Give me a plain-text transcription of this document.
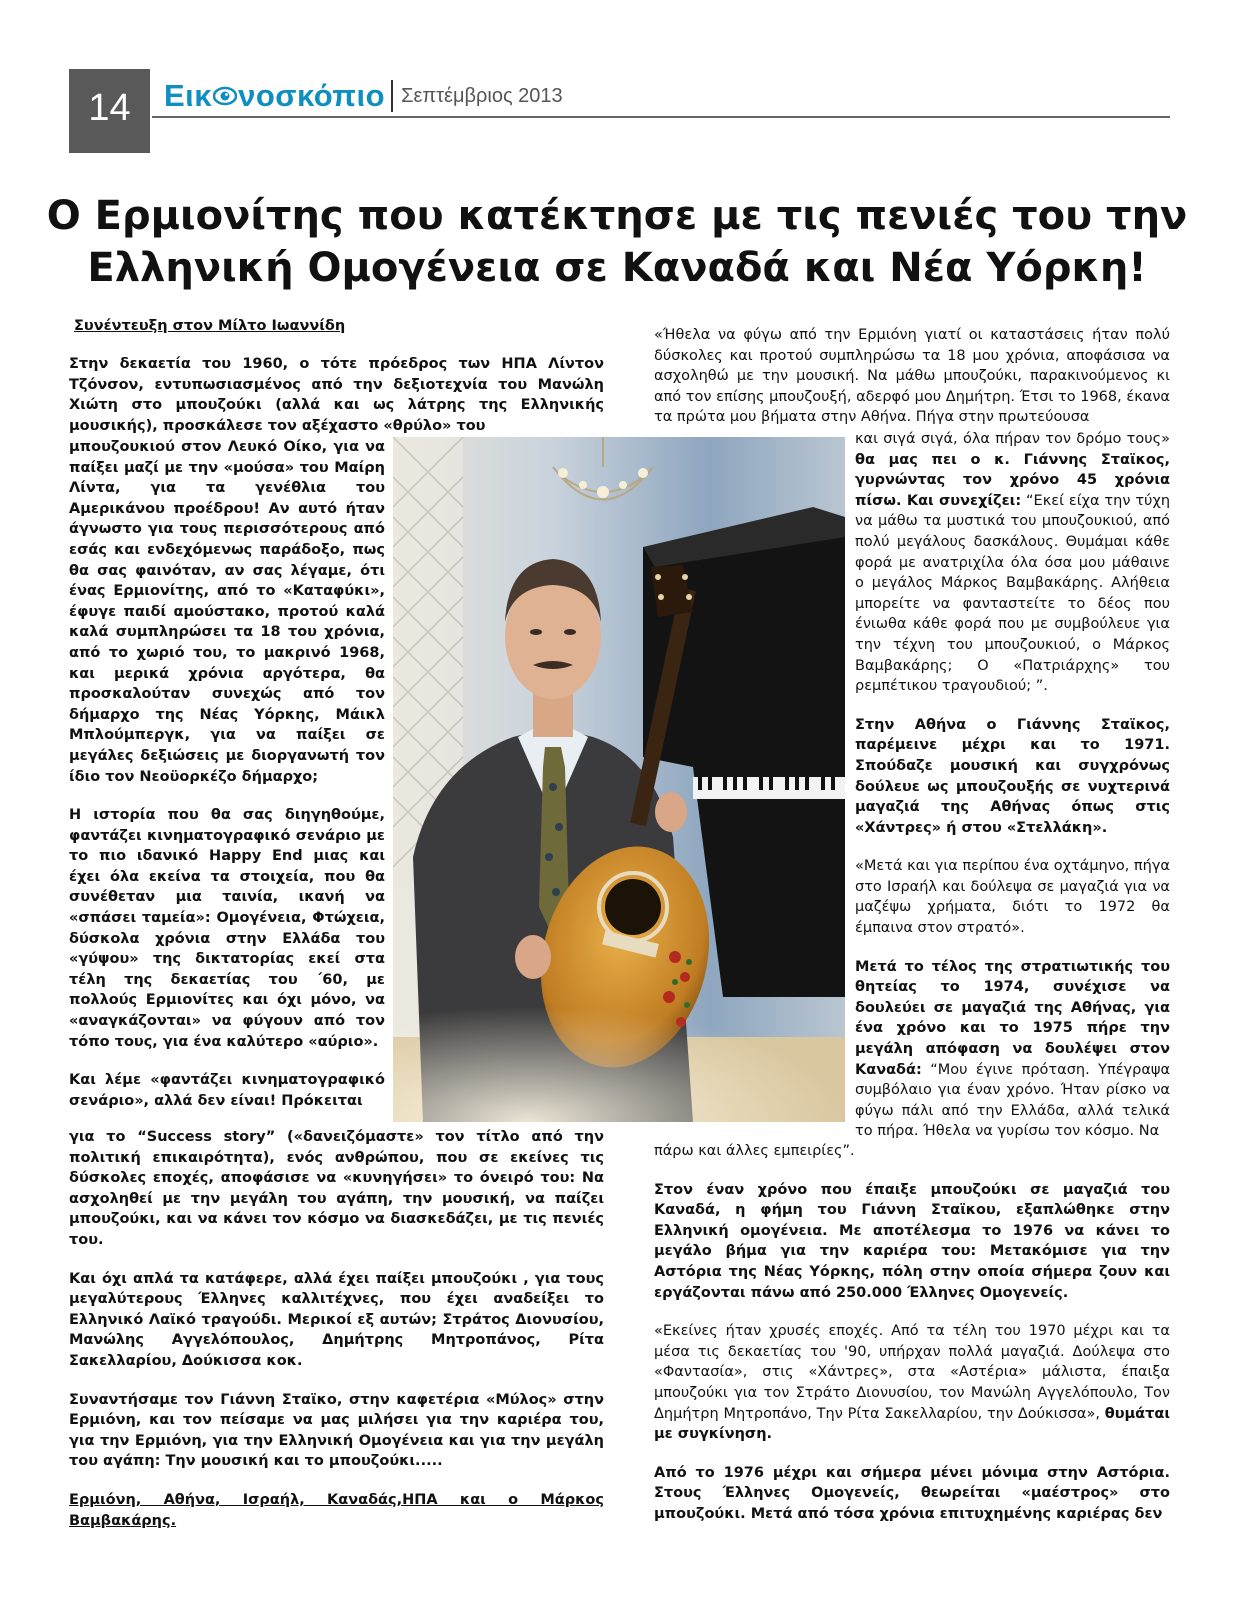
14	Εικ νοσκόπιο Σεπτέμβριος 2013
Ο Ερμιονίτης που κατέκτησε με τις πενιές του την
Ελληνική Ομογένεια σε Καναδά και Νέα Υόρκη!
Συνέντευξη στον Μίλτο Ιωαννίδη

Στην δεκαετία του 1960, ο τότε πρόεδρος των ΗΠΑ Λίντον Τζόνσον, εντυπωσιασμένος από την δεξιοτεχνία του Μανώλη Χιώτη στο μπουζούκι (αλλά και ως λάτρης της Ελληνικής μουσικής), προσκάλεσε τον αξέχαστο «θρύλο» του

μπουζουκιού στον Λευκό Οίκο, για να παίξει μαζί με την «μούσα» του Μαίρη Λίντα, για τα γενέθλια του Αμερικάνου προέδρου! Αν αυτό ήταν άγνωστο για τους περισσότερους από εσάς και ενδεχόμενως παράδοξο, πως θα σας φαινόταν, αν σας λέγαμε, ότι ένας Ερμιονίτης, από το «Καταφύκι», έφυγε παιδί αμούστακο, προτού καλά καλά συμπληρώσει τα 18 του χρόνια, από το χωριό του, το μακρινό 1968, και μερικά χρόνια αργότερα, θα προσκαλούταν συνεχώς από τον δήμαρχο της Νέας Υόρκης, Μάικλ Μπλούμπεργκ, για να παίξει σε μεγάλες δεξιώσεις με διοργανωτή τον ίδιο τον Νεοϋορκέζο δήμαρχο;

Η ιστορία που θα σας διηγηθούμε, φαντάζει κινηματογραφικό σενάριο με το πιο ιδανικό Happy End μιας και έχει όλα εκείνα τα στοιχεία, που θα συνέθεταν μια ταινία, ικανή να «σπάσει ταμεία»: Ομογένεια, Φτώχεια, δύσκολα χρόνια στην Ελλάδα του «γύψου» της δικτατορίας εκεί στα τέλη της δεκαετίας του ΄60, με πολλούς Ερμιονίτες και όχι μόνο, να «αναγκάζονται» να φύγουν από τον τόπο τους, για ένα καλύτερο «αύριο».

Και λέμε «φαντάζει κινηματογραφικό σενάριο», αλλά δεν είναι! Πρόκειται

για το “Success story” («δανειζόμαστε» τον τίτλο από την πολιτική επικαιρότητα), ενός ανθρώπου, που σε εκείνες τις δύσκολες εποχές, αποφάσισε να «κυνηγήσει» το όνειρό του: Να ασχοληθεί με την μεγάλη του αγάπη, την μουσική, να παίζει μπουζούκι, και να κάνει τον κόσμο να διασκεδάζει, με τις πενιές του.

Και όχι απλά τα κατάφερε, αλλά έχει παίξει μπουζούκι , για τους μεγαλύτερους Έλληνες καλλιτέχνες, που έχει αναδείξει το Ελληνικό Λαϊκό τραγούδι. Μερικοί εξ αυτών; Στράτος Διονυσίου, Μανώλης Αγγελόπουλος, Δημήτρης Μητροπάνος, Ρίτα Σακελλαρίου, Δούκισσα κοκ.

Συναντήσαμε τον Γιάννη Σταϊκο, στην καφετέρια «Μύλος» στην Ερμιόνη, και τον πείσαμε να μας μιλήσει για την καριέρα του, για την Ερμιόνη, για την Ελληνική Ομογένεια και για την μεγάλη του αγάπη: Την μουσική και το μπουζούκι.....

Ερμιόνη, Αθήνα, Ισραήλ, Καναδάς,ΗΠΑ και ο Μάρκος Βαμβακάρης.

«Ήθελα να φύγω από την Ερμιόνη γιατί οι καταστάσεις ήταν πολύ δύσκολες και προτού συμπληρώσω τα 18 μου χρόνια, αποφάσισα να ασχοληθώ με την μουσική. Να μάθω μπουζούκι, παρακινούμενος κι από τον επίσης μπουζουξή, αδερφό μου Δημήτρη. Έτσι το 1968, έκανα τα πρώτα μου βήματα στην Αθήνα. Πήγα στην πρωτεύουσα

και σιγά σιγά, όλα πήραν τον δρόμο τους» θα μας πει ο κ. Γιάννης Σταϊκος, γυρνώντας τον χρόνο 45 χρόνια πίσω. Και συνεχίζει: “Εκεί είχα την τύχη να μάθω τα μυστικά του μπουζουκιού, από πολύ μεγάλους δασκάλους. Θυμάμαι κάθε φορά με ανατριχίλα όλα όσα μου μάθαινε ο μεγάλος Μάρκος Βαμβακάρης. Αλήθεια μπορείτε να φανταστείτε το δέος που ένιωθα κάθε φορά που με συμβούλευε για την τέχνη του μπουζουκιού, ο Μάρκος Βαμβακάρης; Ο «Πατριάρχης» του ρεμπέτικου τραγουδιού; ”.

Στην Αθήνα ο Γιάννης Σταϊκος, παρέμεινε μέχρι και το 1971. Σπούδαζε μουσική και συγχρόνως δούλευε ως μπουζουξής σε νυχτερινά μαγαζιά της Αθήνας όπως στις «Χάντρες» ή στου «Στελλάκη».

«Μετά και για περίπου ένα οχτάμηνο, πήγα στο Ισραήλ και δούλεψα σε μαγαζιά για να μαζέψω χρήματα, διότι το 1972 θα έμπαινα στον στρατό».

Μετά το τέλος της στρατιωτικής του θητείας το 1974, συνέχισε να δουλεύει σε μαγαζιά της Αθήνας, για ένα χρόνο και το 1975 πήρε την μεγάλη απόφαση να δουλέψει στον Καναδά: “Μου έγινε πρόταση. Υπέγραψα συμβόλαιο για έναν χρόνο. Ήταν ρίσκο να φύγω πάλι από την Ελλάδα, αλλά τελικά το πήρα. Ήθελα να γυρίσω τον κόσμο. Να

πάρω και άλλες εμπειρίες”.

Στον έναν χρόνο που έπαιξε μπουζούκι σε μαγαζιά του Καναδά, η φήμη του Γιάννη Σταϊκου, εξαπλώθηκε στην Ελληνική ομογένεια. Με αποτέλεσμα το 1976 να κάνει το μεγάλο βήμα για την καριέρα του: Μετακόμισε για την Αστόρια της Νέας Υόρκης, πόλη στην οποία σήμερα ζουν και εργάζονται πάνω από 250.000 Έλληνες Ομογενείς.

«Εκείνες ήταν χρυσές εποχές. Από τα τέλη του 1970 μέχρι και τα μέσα τις δεκαετίας του '90, υπήρχαν πολλά μαγαζιά. Δούλεψα στο «Φαντασία», στις «Χάντρες», στα «Αστέρια» μάλιστα, έπαιξα μπουζούκι για τον Στράτο Διονυσίου, τον Μανώλη Αγγελόπουλο, Τον Δημήτρη Μητροπάνο, Την Ρίτα Σακελλαρίου, την Δούκισσα», θυμάται με συγκίνηση.

Από το 1976 μέχρι και σήμερα μένει μόνιμα στην Αστόρια. Στους Έλληνες Ομογενείς, θεωρείται «μαέστρος» στο μπουζούκι. Μετά από τόσα χρόνια επιτυχημένης καριέρας δεν
